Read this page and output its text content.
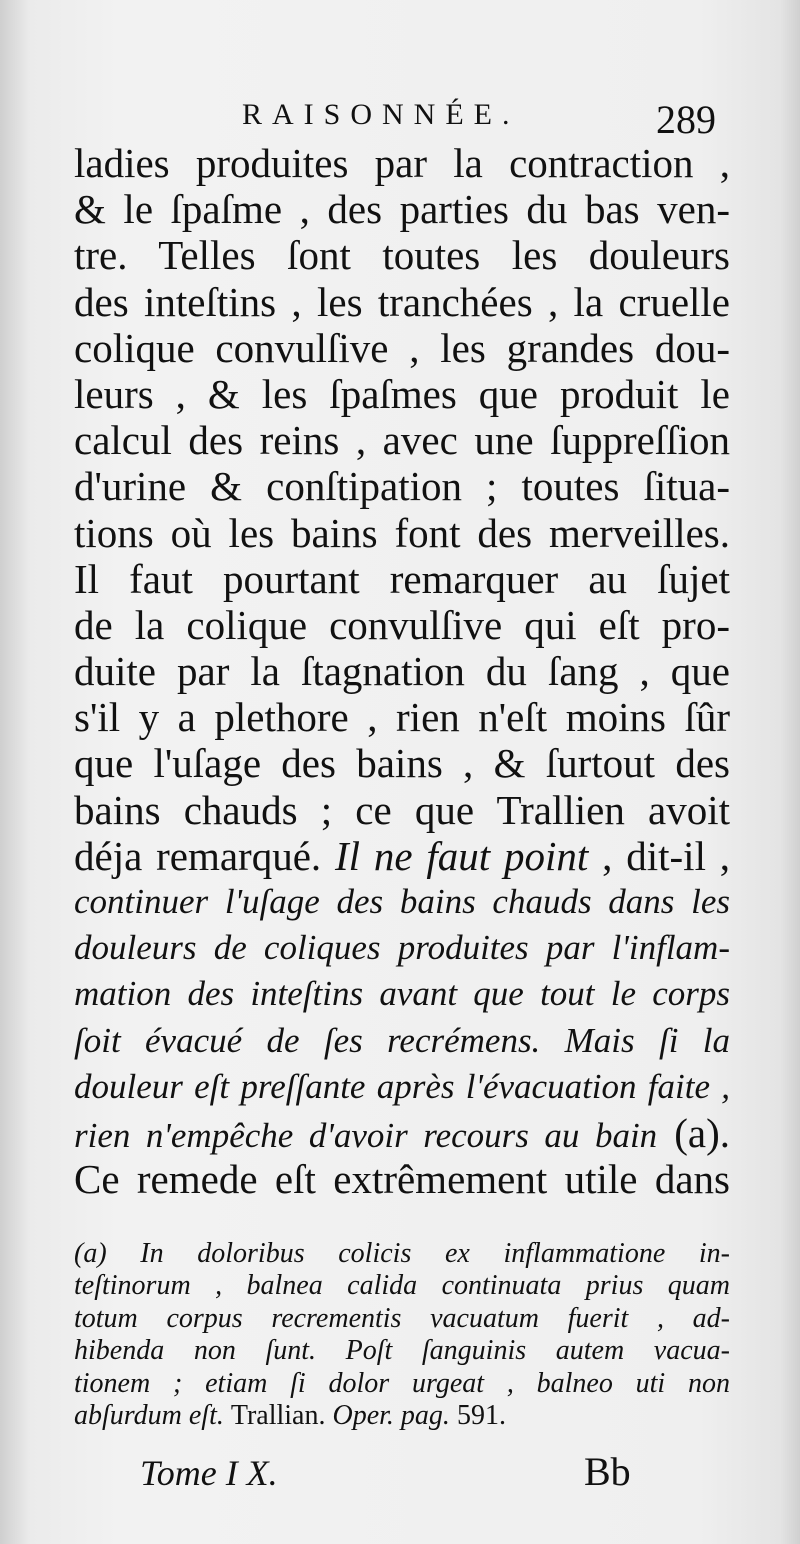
RAISONNÉE.	289
ladies produites par la contraction ,
& le ſpaſme , des parties du bas ven-
tre. Telles ſont toutes les douleurs
des inteſtins , les tranchées , la cruelle
colique convulſive , les grandes dou-
leurs , & les ſpaſmes que produit le
calcul des reins , avec une ſuppreſſion
d'urine & conſtipation ; toutes ſitua-
tions où les bains font des merveilles.
Il faut pourtant remarquer au ſujet
de la colique convulſive qui eſt pro-
duite par la ſtagnation du ſang , que
s'il y a plethore , rien n'eſt moins ſûr
que l'uſage des bains , & ſurtout des
bains chauds ; ce que Trallien avoit
déja remarqué. Il ne faut point , dit-il ,
continuer l'uſage des bains chauds dans les
douleurs de coliques produites par l'inflam-
mation des inteſtins avant que tout le corps
ſoit évacué de ſes recrémens. Mais ſi la
douleur eſt preſſante après l'évacuation faite ,
rien n'empêche d'avoir recours au bain (a).
Ce remede eſt extrêmement utile dans
(a) In doloribus colicis ex inflammatione in-
teſtinorum , balnea calida continuata prius quam
totum corpus recrementis vacuatum fuerit , ad-
hibenda non ſunt. Poſt ſanguinis autem vacua-
tionem ; etiam ſi dolor urgeat , balneo uti non
abſurdum eſt. Trallian. Oper. pag. 591.
Tome I X.	Bb
